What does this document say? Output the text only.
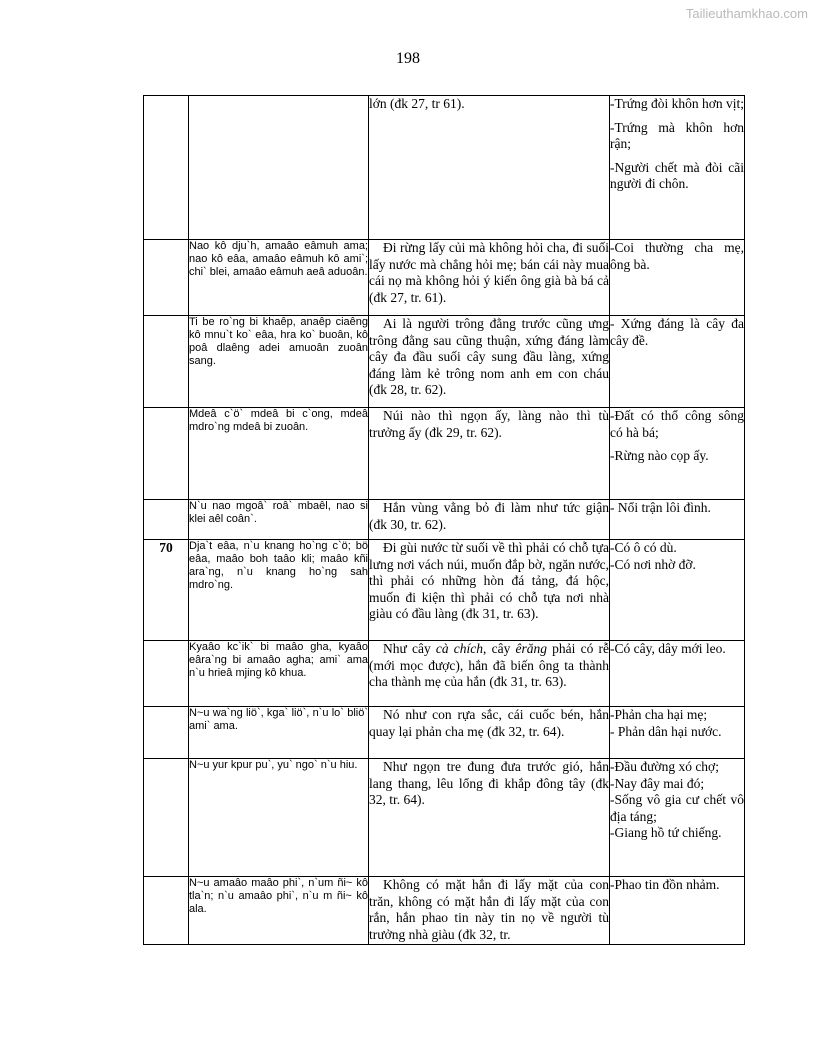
Tailieuthamkhao.com
198
		lớn (đk 27, tr 61).	-Trứng đòi khôn hơn vịt;
-Trứng mà khôn hơn rận;
-Người chết mà đòi cãi người đi chôn.

	Nao kô dju`h, amaâo eâmuh ama; nao kô eâa, amaâo eâmuh kô ami`; chi` blei, amaâo eâmuh aeâ aduoân.	Đi rừng lấy củi mà không hỏi cha, đi suối lấy nước mà chẳng hỏi mẹ; bán cái này mua cái nọ mà không hỏi ý kiến ông già bà bá cả (đk 27, tr. 61).	-Coi thường cha mẹ, ông bà.

	Ti be ro`ng bi khaêp, anaêp ciaêng kô mnu`t ko` eâa, hra ko` buoân, kô poâ dlaêng adei amuoân zuoân sang.	Ai là người trông đằng trước cũng ưng trông đằng sau cũng thuận, xứng đáng làm cây đa đầu suối cây sung đầu làng, xứng đáng làm kẻ trông nom anh em con cháu (đk 28, tr. 62).	- Xứng đáng là cây đa cây đề.

	Mdeâ c`ö` mdeâ bi c`ong, mdeâ mdro`ng mdeâ bi zuoân.	Núi nào thì ngọn ấy, làng nào thì tù trưởng ấy (đk 29, tr. 62).	-Đất có thổ công sông có hà bá;
-Rừng nào cọp ấy.

	N`u nao mgoâ` roâ` mbaêl, nao si klei aêl coân`.	Hắn vùng vằng bỏ đi làm như tức giận (đk 30, tr. 62).	- Nổi trận lôi đình.

70	Dja`t eâa, n`u knang ho`ng c`ö; bö eâa, maâo boh taâo kli; maâo kñi ara`ng, n`u knang ho`ng sah mdro`ng.	Đi gùi nước từ suối về thì phải có chỗ tựa lưng nơi vách núi, muốn đắp bờ, ngăn nước, thì phải có những hòn đá tảng, đá hộc, muốn đi kiện thì phải có chỗ tựa nơi nhà giàu có đầu làng (đk 31, tr. 63).	-Có ô có dù.
-Có nơi nhờ đỡ.

	Kyaâo kc`ik` bi maâo gha, kyaâo eâra`ng bi amaâo agha; ami` ama n`u hrieâ mjing kô khua.	Như cây cà chích, cây êrăng phải có rễ (mới mọc được), hắn đã biến ông ta thành cha thành mẹ của hắn (đk 31, tr. 63).	-Có cây, dây mới leo.

	N~u wa`ng liö`, kga` liö`, n`u lo` bliö` ami` ama.	Nó như con rựa sắc, cái cuốc bén, hắn quay lại phản cha mẹ (đk 32, tr. 64).	-Phản cha hại mẹ;
- Phản dân hại nước.

	N~u yur kpur pu`, yu` ngo` n`u hiu.	Như ngọn tre đung đưa trước gió, hắn lang thang, lêu lổng đi khắp đông tây (đk 32, tr. 64).	-Đầu đường xó chợ;
-Nay đây mai đó;
-Sống vô gia cư chết vô địa táng;
-Giang hồ tứ chiếng.

	N~u amaâo maâo phi`, n`um ñi~ kô tla`n; n`u amaâo phi`, n`u m ñi~ kô ala.	Không có mặt hắn đi lấy mặt của con trăn, không có mặt hắn đi lấy mặt của con rắn, hắn phao tin này tin nọ về người tù trưởng nhà giàu (đk 32, tr.	-Phao tin đồn nhảm.
